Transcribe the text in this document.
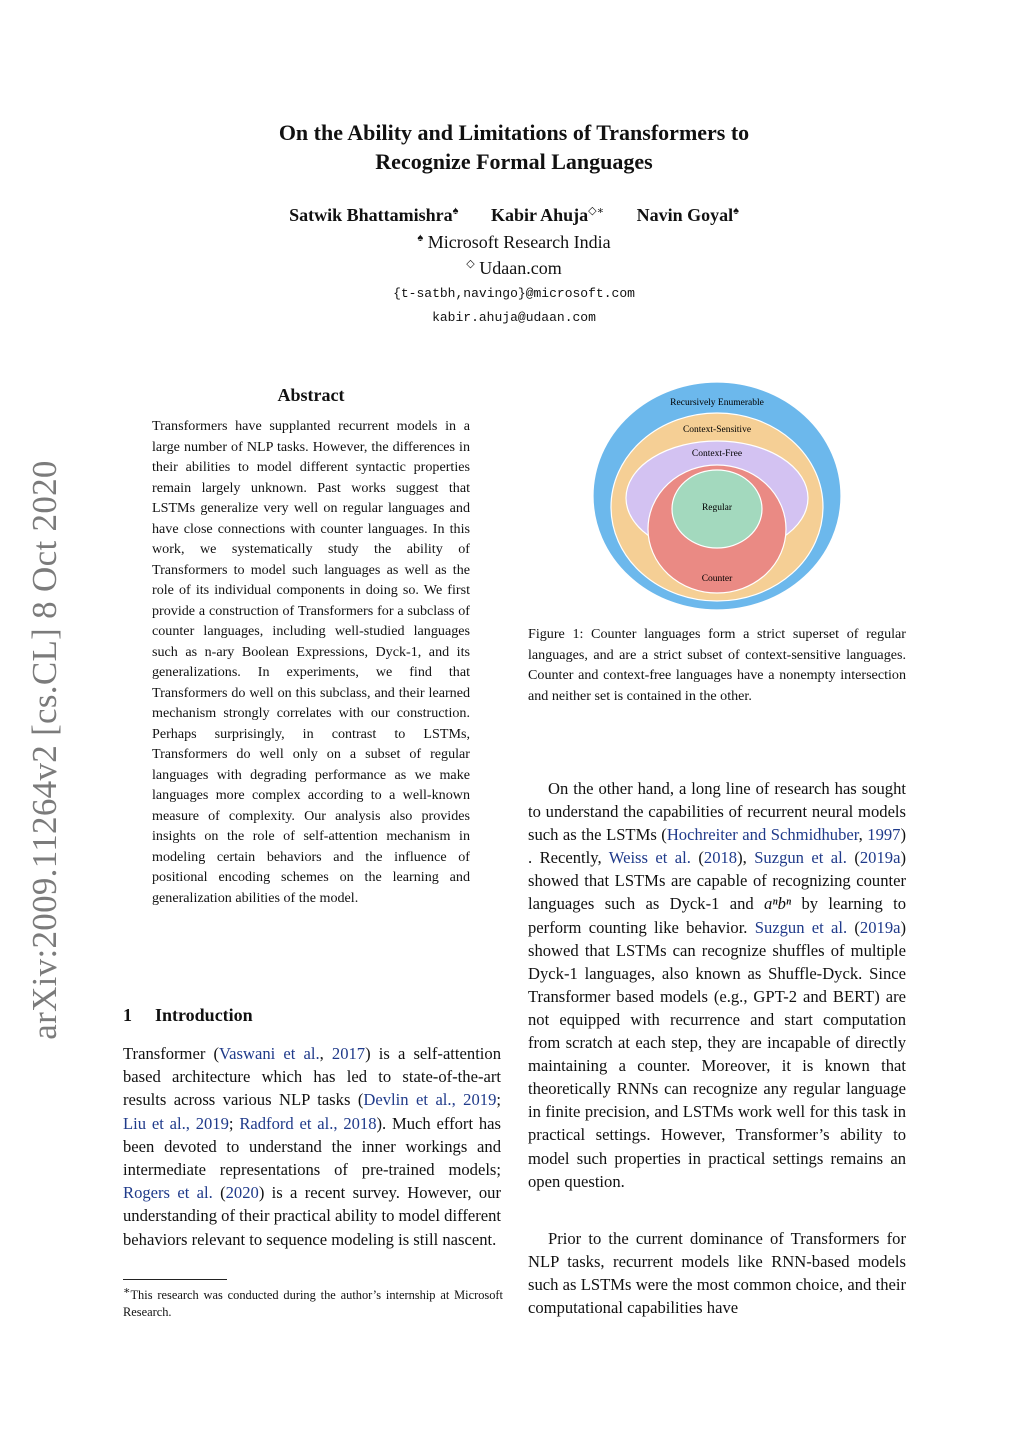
arXiv:2009.11264v2 [cs.CL] 8 Oct 2020
On the Ability and Limitations of Transformers to
Recognize Formal Languages
Satwik Bhattamishra♠ Kabir Ahuja◇∗ Navin Goyal♠
♠ Microsoft Research India
◇ Udaan.com
{t-satbh,navingo}@microsoft.com
kabir.ahuja@udaan.com
Abstract
Transformers have supplanted recurrent models in a large number of NLP tasks. However, the differences in their abilities to model different syntactic properties remain largely unknown. Past works suggest that LSTMs generalize very well on regular languages and have close connections with counter languages. In this work, we systematically study the ability of Transformers to model such languages as well as the role of its individual components in doing so. We first provide a construction of Transformers for a subclass of counter languages, including well-studied languages such as n-ary Boolean Expressions, Dyck-1, and its generalizations. In experiments, we find that Transformers do well on this subclass, and their learned mechanism strongly correlates with our construction. Perhaps surprisingly, in contrast to LSTMs, Transformers do well only on a subset of regular languages with degrading performance as we make languages more complex according to a well-known measure of complexity. Our analysis also provides insights on the role of self-attention mechanism in modeling certain behaviors and the influence of positional encoding schemes on the learning and generalization abilities of the model.
1 Introduction
Transformer (Vaswani et al., 2017) is a self-attention based architecture which has led to state-of-the-art results across various NLP tasks (Devlin et al., 2019; Liu et al., 2019; Radford et al., 2018). Much effort has been devoted to understand the inner workings and intermediate representations of pre-trained models; Rogers et al. (2020) is a recent survey. However, our understanding of their practical ability to model different behaviors relevant to sequence modeling is still nascent.
∗This research was conducted during the author’s internship at Microsoft Research.
Recursively Enumerable
Context-Sensitive
Context-Free
Regular
Counter
Figure 1: Counter languages form a strict superset of regular languages, and are a strict subset of context-sensitive languages. Counter and context-free languages have a nonempty intersection and neither set is contained in the other.
On the other hand, a long line of research has sought to understand the capabilities of recurrent neural models such as the LSTMs (Hochreiter and Schmidhuber, 1997) . Recently, Weiss et al. (2018), Suzgun et al. (2019a) showed that LSTMs are capable of recognizing counter languages such as Dyck-1 and aⁿbⁿ by learning to perform counting like behavior. Suzgun et al. (2019a) showed that LSTMs can recognize shuffles of multiple Dyck-1 languages, also known as Shuffle-Dyck. Since Transformer based models (e.g., GPT-2 and BERT) are not equipped with recurrence and start computation from scratch at each step, they are incapable of directly maintaining a counter. Moreover, it is known that theoretically RNNs can recognize any regular language in finite precision, and LSTMs work well for this task in practical settings. However, Transformer’s ability to model such properties in practical settings remains an open question.
Prior to the current dominance of Transformers for NLP tasks, recurrent models like RNN-based models such as LSTMs were the most common choice, and their computational capabilities have
